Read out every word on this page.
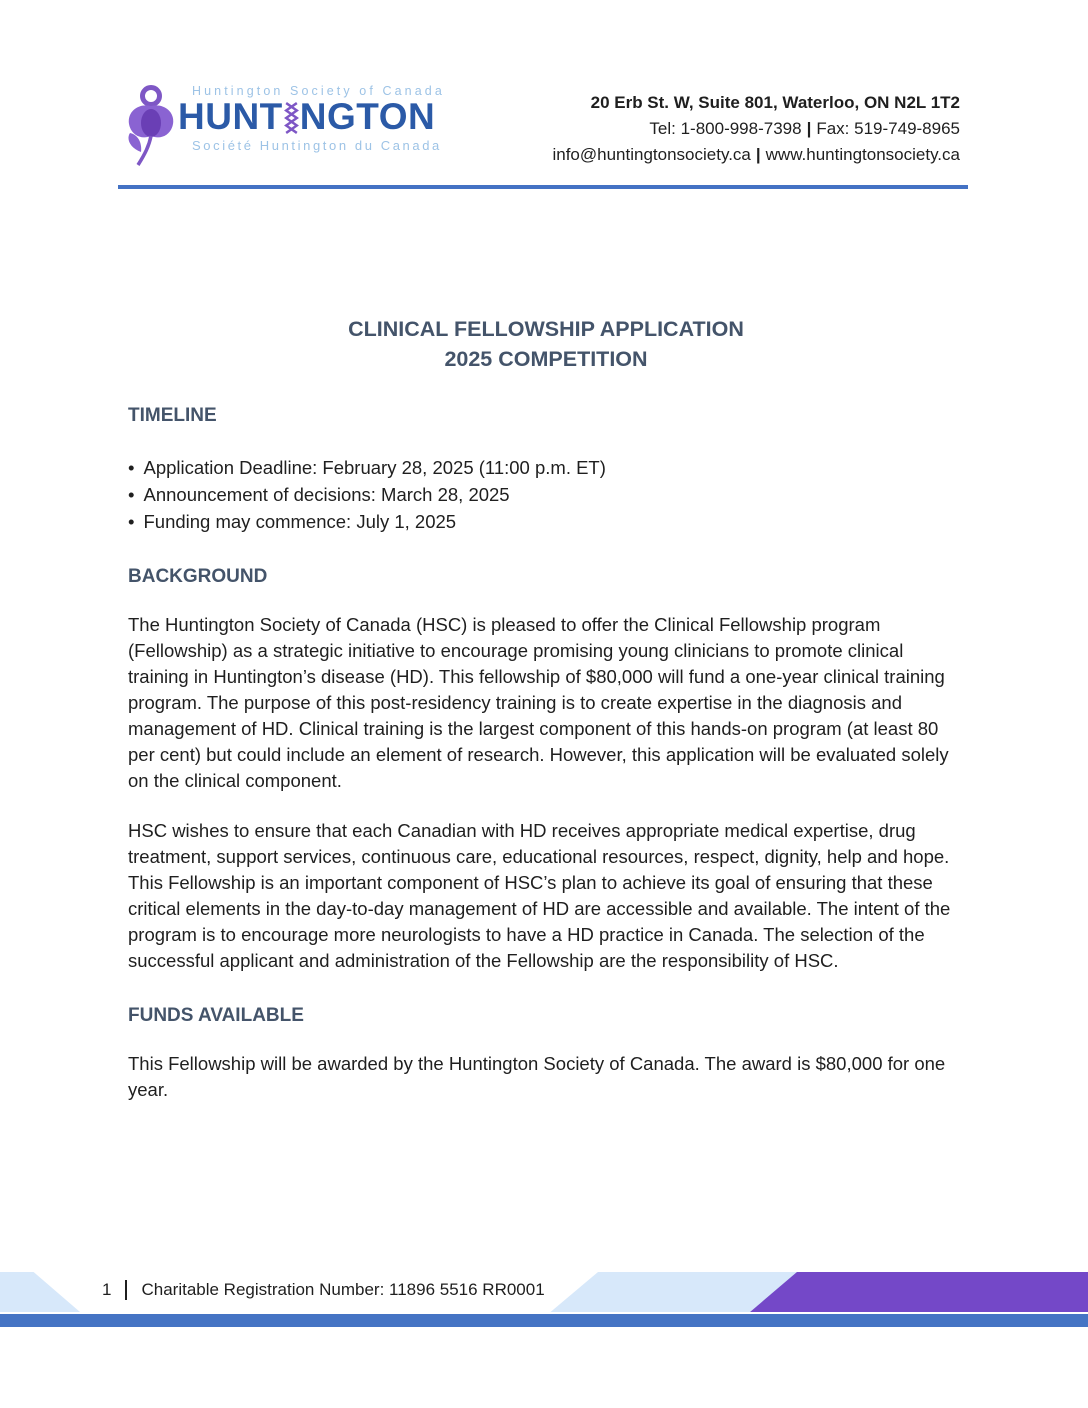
Huntington Society of Canada
HUNT NGTON
Société Huntington du Canada
20 Erb St. W, Suite 801, Waterloo, ON N2L 1T2
Tel: 1-800-998-7398 | Fax: 519-749-8965
info@huntingtonsociety.ca | www.huntingtonsociety.ca
CLINICAL FELLOWSHIP APPLICATION
2025 COMPETITION
TIMELINE
• Application Deadline: February 28, 2025 (11:00 p.m. ET)
• Announcement of decisions: March 28, 2025
• Funding may commence: July 1, 2025
BACKGROUND

The Huntington Society of Canada (HSC) is pleased to offer the Clinical Fellowship program (Fellowship) as a strategic initiative to encourage promising young clinicians to promote clinical training in Huntington’s disease (HD). This fellowship of $80,000 will fund a one-year clinical training program. The purpose of this post-residency training is to create expertise in the diagnosis and management of HD. Clinical training is the largest component of this hands-on program (at least 80 per cent) but could include an element of research. However, this application will be evaluated solely on the clinical component.

HSC wishes to ensure that each Canadian with HD receives appropriate medical expertise, drug treatment, support services, continuous care, educational resources, respect, dignity, help and hope. This Fellowship is an important component of HSC’s plan to achieve its goal of ensuring that these critical elements in the day-to-day management of HD are accessible and available. The intent of the program is to encourage more neurologists to have a HD practice in Canada. The selection of the successful applicant and administration of the Fellowship are the responsibility of HSC.

FUNDS AVAILABLE

This Fellowship will be awarded by the Huntington Society of Canada. The award is $80,000 for one year.

1 Charitable Registration Number: 11896 5516 RR0001
